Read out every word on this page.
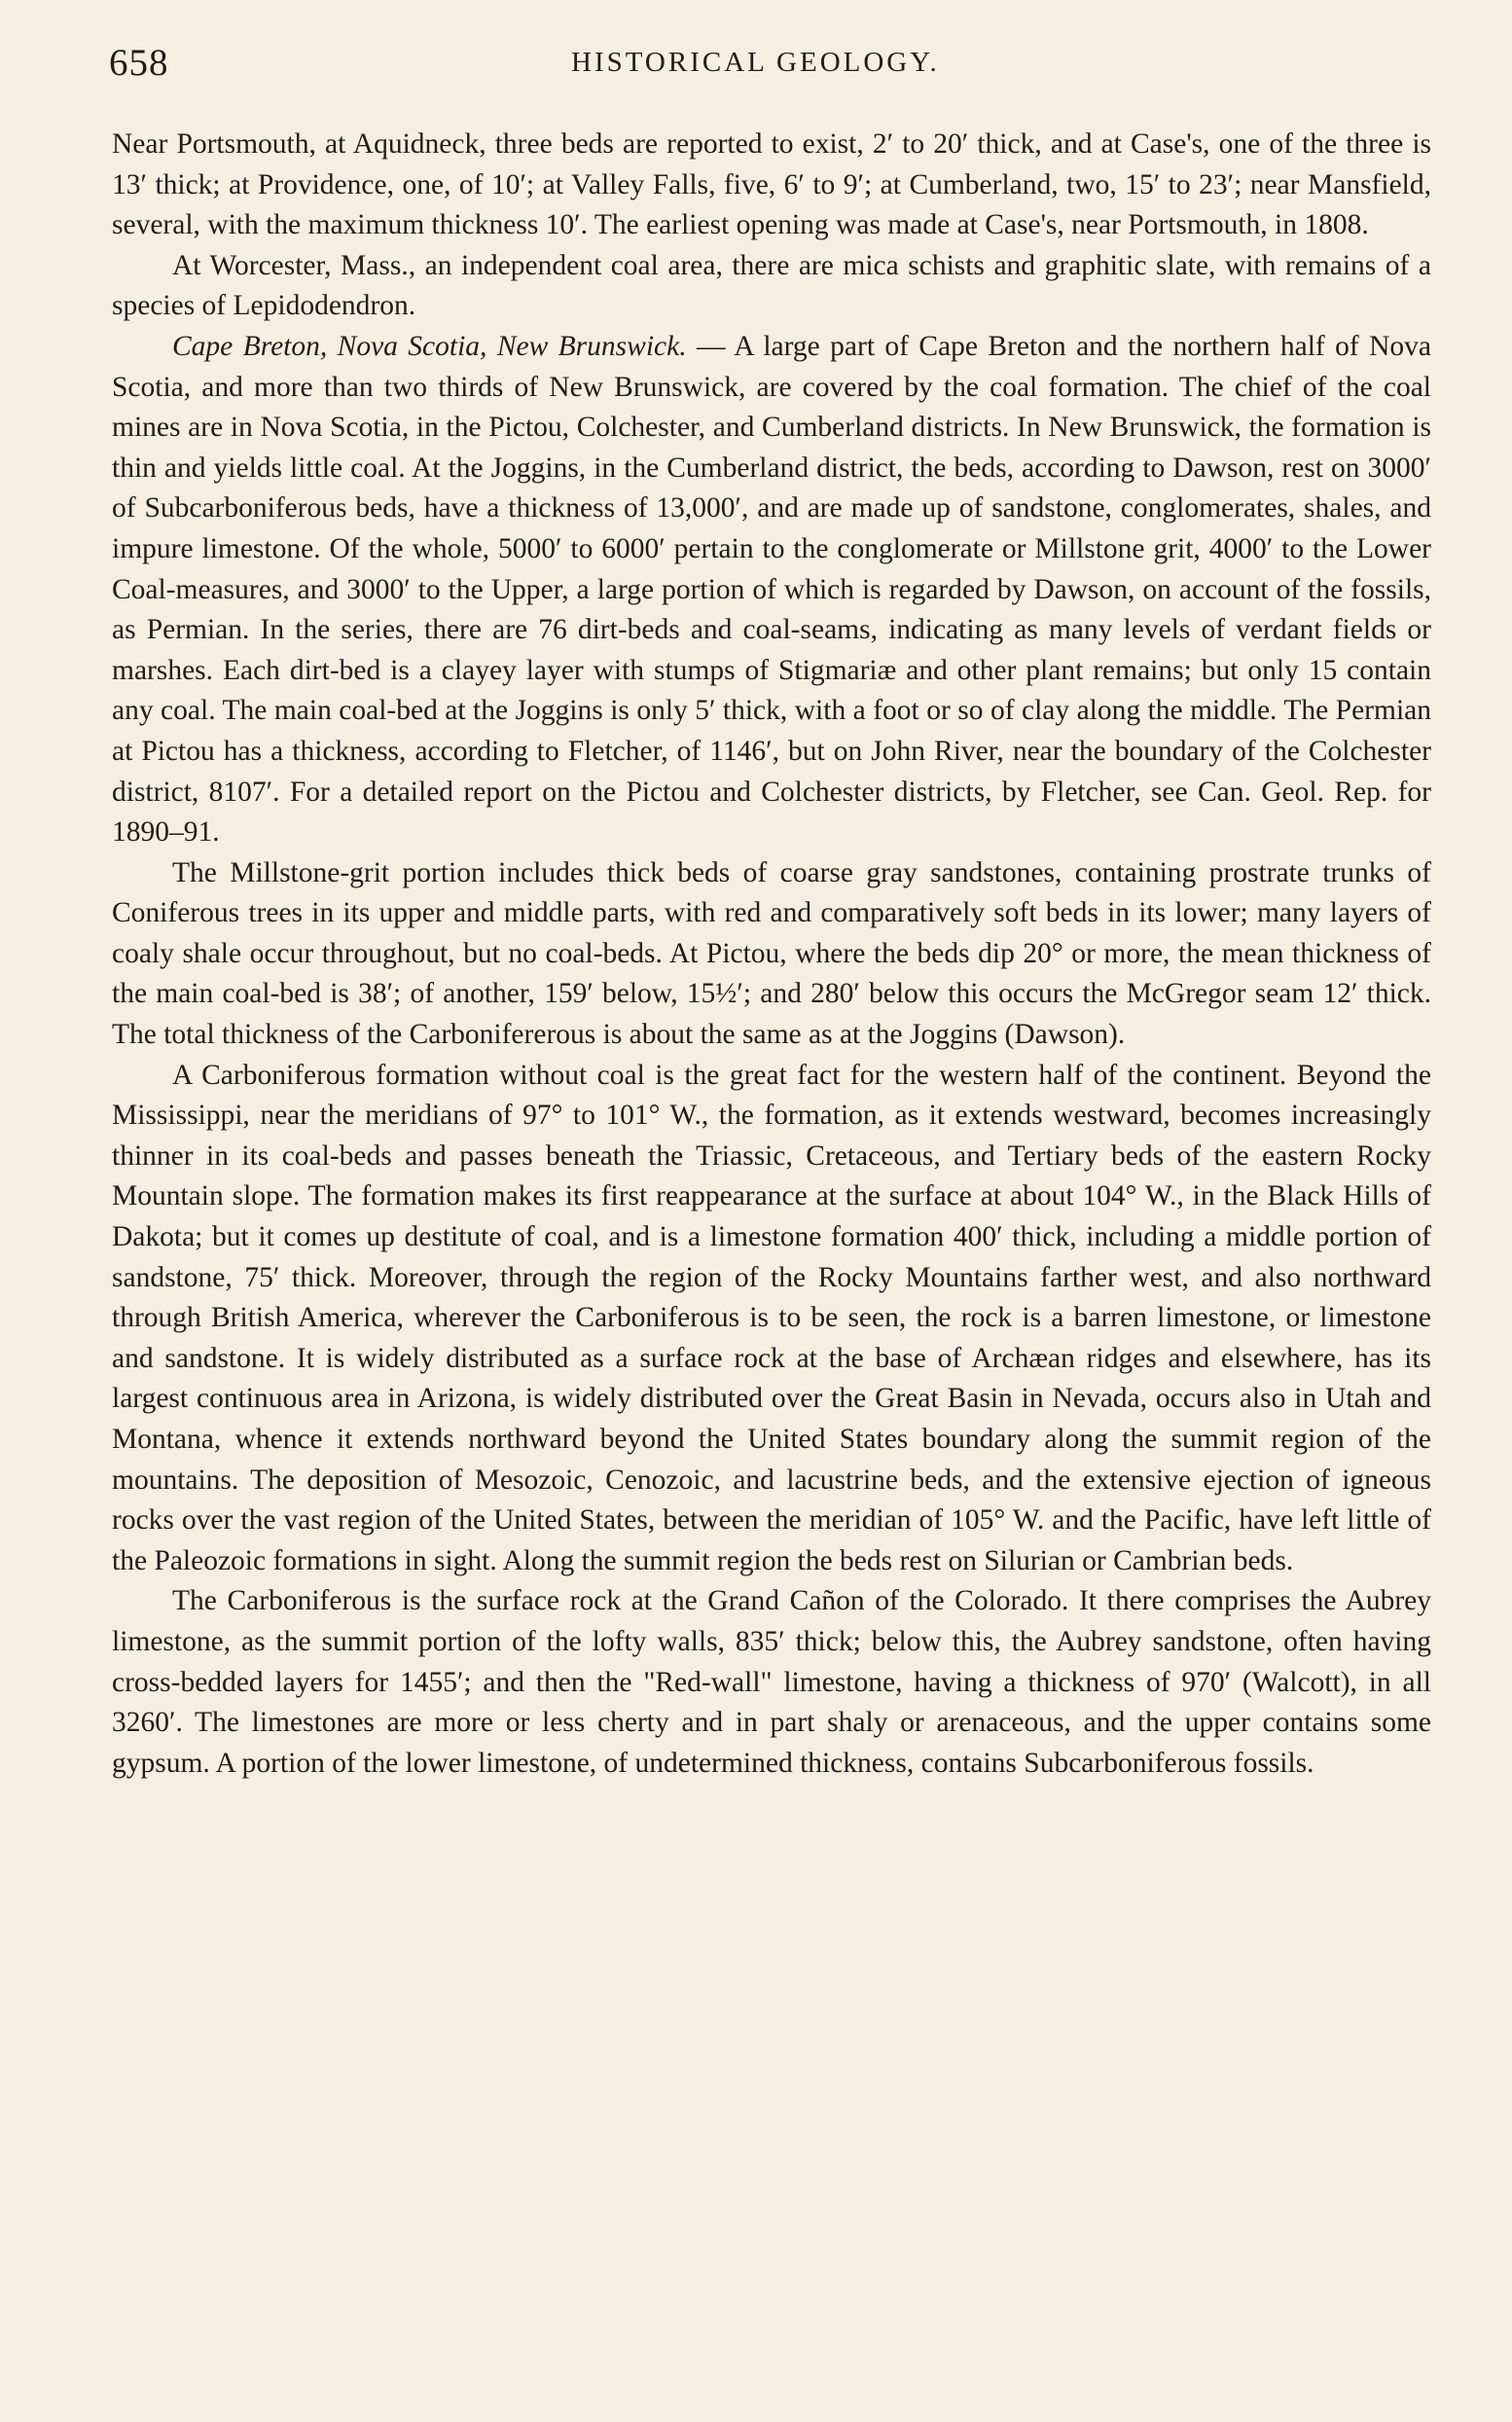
658	HISTORICAL GEOLOGY.

Near Portsmouth, at Aquidneck, three beds are reported to exist, 2′ to 20′ thick, and at Case's, one of the three is 13′ thick; at Providence, one, of 10′; at Valley Falls, five, 6′ to 9′; at Cumberland, two, 15′ to 23′; near Mansfield, several, with the maximum thickness 10′. The earliest opening was made at Case's, near Portsmouth, in 1808.

At Worcester, Mass., an independent coal area, there are mica schists and graphitic slate, with remains of a species of Lepidodendron.

Cape Breton, Nova Scotia, New Brunswick. — A large part of Cape Breton and the northern half of Nova Scotia, and more than two thirds of New Brunswick, are covered by the coal formation. The chief of the coal mines are in Nova Scotia, in the Pictou, Colchester, and Cumberland districts. In New Brunswick, the formation is thin and yields little coal. At the Joggins, in the Cumberland district, the beds, according to Dawson, rest on 3000′ of Subcarboniferous beds, have a thickness of 13,000′, and are made up of sandstone, conglomerates, shales, and impure limestone. Of the whole, 5000′ to 6000′ pertain to the conglomerate or Millstone grit, 4000′ to the Lower Coal-measures, and 3000′ to the Upper, a large portion of which is regarded by Dawson, on account of the fossils, as Permian. In the series, there are 76 dirt-beds and coal-seams, indicating as many levels of verdant fields or marshes. Each dirt-bed is a clayey layer with stumps of Stigmariæ and other plant remains; but only 15 contain any coal. The main coal-bed at the Joggins is only 5′ thick, with a foot or so of clay along the middle. The Permian at Pictou has a thickness, according to Fletcher, of 1146′, but on John River, near the boundary of the Colchester district, 8107′. For a detailed report on the Pictou and Colchester districts, by Fletcher, see Can. Geol. Rep. for 1890–91.

The Millstone-grit portion includes thick beds of coarse gray sandstones, containing prostrate trunks of Coniferous trees in its upper and middle parts, with red and comparatively soft beds in its lower; many layers of coaly shale occur throughout, but no coal-beds. At Pictou, where the beds dip 20° or more, the mean thickness of the main coal-bed is 38′; of another, 159′ below, 15½′; and 280′ below this occurs the McGregor seam 12′ thick. The total thickness of the Carbonifererous is about the same as at the Joggins (Dawson).

A Carboniferous formation without coal is the great fact for the western half of the continent. Beyond the Mississippi, near the meridians of 97° to 101° W., the formation, as it extends westward, becomes increasingly thinner in its coal-beds and passes beneath the Triassic, Cretaceous, and Tertiary beds of the eastern Rocky Mountain slope. The formation makes its first reappearance at the surface at about 104° W., in the Black Hills of Dakota; but it comes up destitute of coal, and is a limestone formation 400′ thick, including a middle portion of sandstone, 75′ thick. Moreover, through the region of the Rocky Mountains farther west, and also northward through British America, wherever the Carboniferous is to be seen, the rock is a barren limestone, or limestone and sandstone. It is widely distributed as a surface rock at the base of Archæan ridges and elsewhere, has its largest continuous area in Arizona, is widely distributed over the Great Basin in Nevada, occurs also in Utah and Montana, whence it extends northward beyond the United States boundary along the summit region of the mountains. The deposition of Mesozoic, Cenozoic, and lacustrine beds, and the extensive ejection of igneous rocks over the vast region of the United States, between the meridian of 105° W. and the Pacific, have left little of the Paleozoic formations in sight. Along the summit region the beds rest on Silurian or Cambrian beds.

The Carboniferous is the surface rock at the Grand Cañon of the Colorado. It there comprises the Aubrey limestone, as the summit portion of the lofty walls, 835′ thick; below this, the Aubrey sandstone, often having cross-bedded layers for 1455′; and then the "Red-wall" limestone, having a thickness of 970′ (Walcott), in all 3260′. The limestones are more or less cherty and in part shaly or arenaceous, and the upper contains some gypsum. A portion of the lower limestone, of undetermined thickness, contains Subcarboniferous fossils.
